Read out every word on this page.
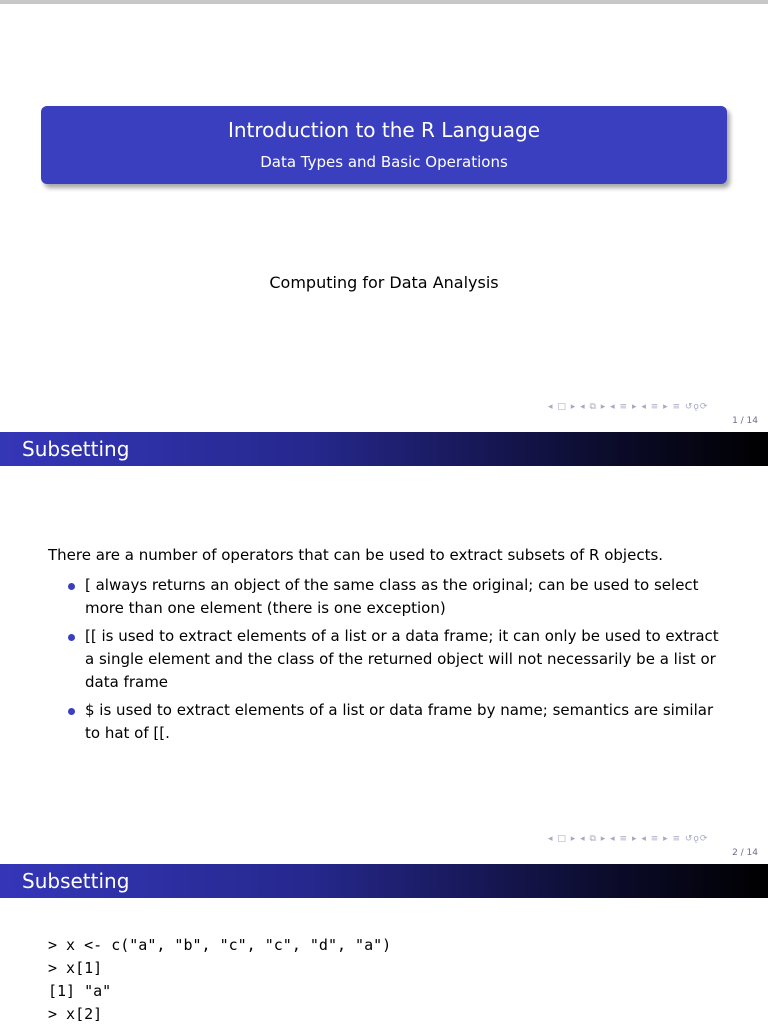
Introduction to the R Language
Data Types and Basic Operations
Computing for Data Analysis
◂ □ ▸ ◂ ⧉ ▸ ◂ ≡ ▸ ◂ ≡ ▸ ≡ ↺ǫ⟳
1 / 14
Subsetting
There are a number of operators that can be used to extract subsets of R objects.
[ always returns an object of the same class as the original; can be used to select more than one element (there is one exception)
[[ is used to extract elements of a list or a data frame; it can only be used to extract a single element and the class of the returned object will not necessarily be a list or data frame
$ is used to extract elements of a list or data frame by name; semantics are similar to hat of [[.
◂ □ ▸ ◂ ⧉ ▸ ◂ ≡ ▸ ◂ ≡ ▸ ≡ ↺ǫ⟳
2 / 14
Subsetting
> x <- c("a", "b", "c", "c", "d", "a")
> x[1]
[1] "a"
> x[2]
